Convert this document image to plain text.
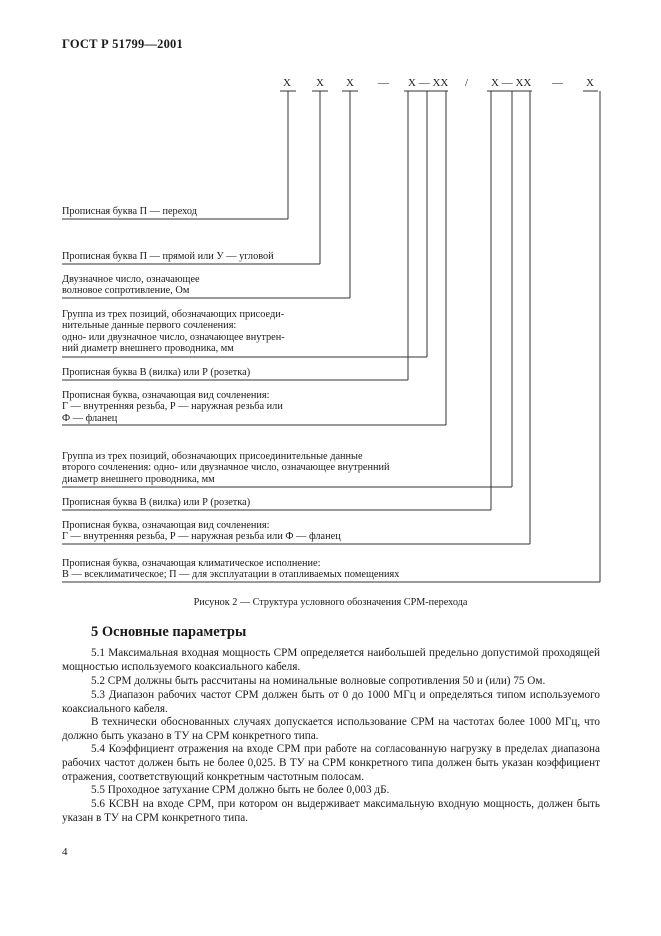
ГОСТ Р 51799—2001
Х Х Х — Х — ХХ / Х — ХХ — Х
Прописная буква П — переход
Прописная буква П — прямой или У — угловой
Двузначное число, означающее
волновое сопротивление, Ом
Группа из трех позиций, обозначающих присоеди-
нительные данные первого сочленения:
одно- или двузначное число, означающее внутрен-
ний диаметр внешнего проводника, мм
Прописная буква В (вилка) или Р (розетка)
Прописная буква, означающая вид сочленения:
Г — внутренняя резьба, Р — наружная резьба или
Ф — фланец
Группа из трех позиций, обозначающих присоединительные данные
второго сочленения: одно- или двузначное число, означающее внутренний
диаметр внешнего проводника, мм
Прописная буква В (вилка) или Р (розетка)
Прописная буква, означающая вид сочленения:
Г — внутренняя резьба, Р — наружная резьба или Ф — фланец
Прописная буква, означающая климатическое исполнение:
В — всеклиматическое; П — для эксплуатации в отапливаемых помещениях
Рисунок 2 — Структура условного обозначения СРМ-перехода
5 Основные параметры
5.1 Максимальная входная мощность СРМ определяется наибольшей предельно допустимой проходящей мощностью используемого коаксиального кабеля.
5.2 СРМ должны быть рассчитаны на номинальные волновые сопротивления 50 и (или) 75 Ом.
5.3 Диапазон рабочих частот СРМ должен быть от 0 до 1000 МГц и определяться типом используемого коаксиального кабеля.
В технически обоснованных случаях допускается использование СРМ на частотах более 1000 МГц, что должно быть указано в ТУ на СРМ конкретного типа.
5.4 Коэффициент отражения на входе СРМ при работе на согласованную нагрузку в пределах диапазона рабочих частот должен быть не более 0,025. В ТУ на СРМ конкретного типа должен быть указан коэффициент отражения, соответствующий конкретным частотным полосам.
5.5 Проходное затухание СРМ должно быть не более 0,003 дБ.
5.6 КСВН на входе СРМ, при котором он выдерживает максимальную входную мощность, должен быть указан в ТУ на СРМ конкретного типа.
4
